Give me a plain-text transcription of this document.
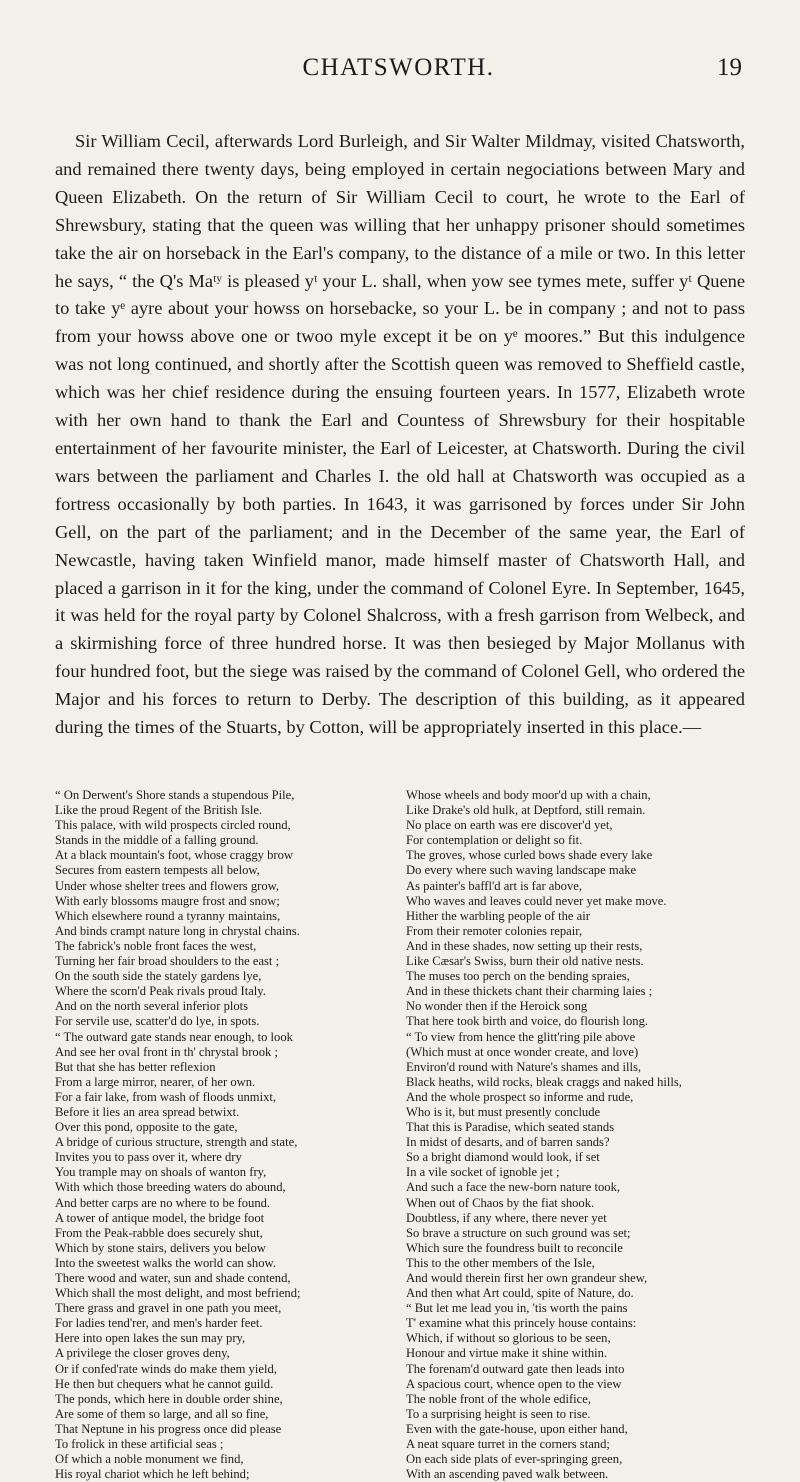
CHATSWORTH.	19

Sir William Cecil, afterwards Lord Burleigh, and Sir Walter Mildmay, visited Chatsworth, and remained there twenty days, being employed in certain negociations between Mary and Queen Elizabeth. On the return of Sir William Cecil to court, he wrote to the Earl of Shrewsbury, stating that the queen was willing that her unhappy prisoner should sometimes take the air on horseback in the Earl's company, to the distance of a mile or two. In this letter he says, “ the Q's Maᵗʸ is pleased yᵗ your L. shall, when yow see tymes mete, suffer yᵗ Quene to take yᵉ ayre about your howss on horsebacke, so your L. be in company ; and not to pass from your howss above one or twoo myle except it be on yᵉ moores.” But this indulgence was not long continued, and shortly after the Scottish queen was removed to Sheffield castle, which was her chief residence during the ensuing fourteen years. In 1577, Elizabeth wrote with her own hand to thank the Earl and Countess of Shrewsbury for their hospitable entertainment of her favourite minister, the Earl of Leicester, at Chatsworth. During the civil wars between the parliament and Charles I. the old hall at Chatsworth was occupied as a fortress occasionally by both parties. In 1643, it was garrisoned by forces under Sir John Gell, on the part of the parliament; and in the December of the same year, the Earl of Newcastle, having taken Winfield manor, made himself master of Chatsworth Hall, and placed a garrison in it for the king, under the command of Colonel Eyre. In September, 1645, it was held for the royal party by Colonel Shalcross, with a fresh garrison from Welbeck, and a skirmishing force of three hundred horse. It was then besieged by Major Mollanus with four hundred foot, but the siege was raised by the command of Colonel Gell, who ordered the Major and his forces to return to Derby. The description of this building, as it appeared during the times of the Stuarts, by Cotton, will be appropriately inserted in this place.—

“ On Derwent's Shore stands a stupendous Pile,
Like the proud Regent of the British Isle.
This palace, with wild prospects circled round,
Stands in the middle of a falling ground.
At a black mountain's foot, whose craggy brow
Secures from eastern tempests all below,
Under whose shelter trees and flowers grow,
With early blossoms maugre frost and snow;
Which elsewhere round a tyranny maintains,
And binds crampt nature long in chrystal chains.
The fabrick's noble front faces the west,
Turning her fair broad shoulders to the east ;
On the south side the stately gardens lye,
Where the scorn'd Peak rivals proud Italy.
And on the north several inferior plots
For servile use, scatter'd do lye, in spots.
“ The outward gate stands near enough, to look
And see her oval front in th' chrystal brook ;
But that she has better reflexion
From a large mirror, nearer, of her own.
For a fair lake, from wash of floods unmixt,
Before it lies an area spread betwixt.
Over this pond, opposite to the gate,
A bridge of curious structure, strength and state,
Invites you to pass over it, where dry
You trample may on shoals of wanton fry,
With which those breeding waters do abound,
And better carps are no where to be found.
A tower of antique model, the bridge foot
From the Peak-rabble does securely shut,
Which by stone stairs, delivers you below
Into the sweetest walks the world can show.
There wood and water, sun and shade contend,
Which shall the most delight, and most befriend;
There grass and gravel in one path you meet,
For ladies tend'rer, and men's harder feet.
Here into open lakes the sun may pry,
A privilege the closer groves deny,
Or if confed'rate winds do make them yield,
He then but chequers what he cannot guild.
The ponds, which here in double order shine,
Are some of them so large, and all so fine,
That Neptune in his progress once did please
To frolick in these artificial seas ;
Of which a noble monument we find,
His royal chariot which he left behind;
Whose wheels and body moor'd up with a chain,
Like Drake's old hulk, at Deptford, still remain.
No place on earth was ere discover'd yet,
For contemplation or delight so fit.
The groves, whose curled bows shade every lake
Do every where such waving landscape make
As painter's baffl'd art is far above,
Who waves and leaves could never yet make move.
Hither the warbling people of the air
From their remoter colonies repair,
And in these shades, now setting up their rests,
Like Cæsar's Swiss, burn their old native nests.
The muses too perch on the bending spraies,
And in these thickets chant their charming laies ;
No wonder then if the Heroick song
That here took birth and voice, do flourish long.
“ To view from hence the glitt'ring pile above
(Which must at once wonder create, and love)
Environ'd round with Nature's shames and ills,
Black heaths, wild rocks, bleak craggs and naked hills,
And the whole prospect so informe and rude,
Who is it, but must presently conclude
That this is Paradise, which seated stands
In midst of desarts, and of barren sands?
So a bright diamond would look, if set
In a vile socket of ignoble jet ;
And such a face the new-born nature took,
When out of Chaos by the fiat shook.
Doubtless, if any where, there never yet
So brave a structure on such ground was set;
Which sure the foundress built to reconcile
This to the other members of the Isle,
And would therein first her own grandeur shew,
And then what Art could, spite of Nature, do.
“ But let me lead you in, 'tis worth the pains
T' examine what this princely house contains:
Which, if without so glorious to be seen,
Honour and virtue make it shine within.
The forenam'd outward gate then leads into
A spacious court, whence open to the view
The noble front of the whole edifice,
To a surprising height is seen to rise.
Even with the gate-house, upon either hand,
A neat square turret in the corners stand;
On each side plats of ever-springing green,
With an ascending paved walk between.
